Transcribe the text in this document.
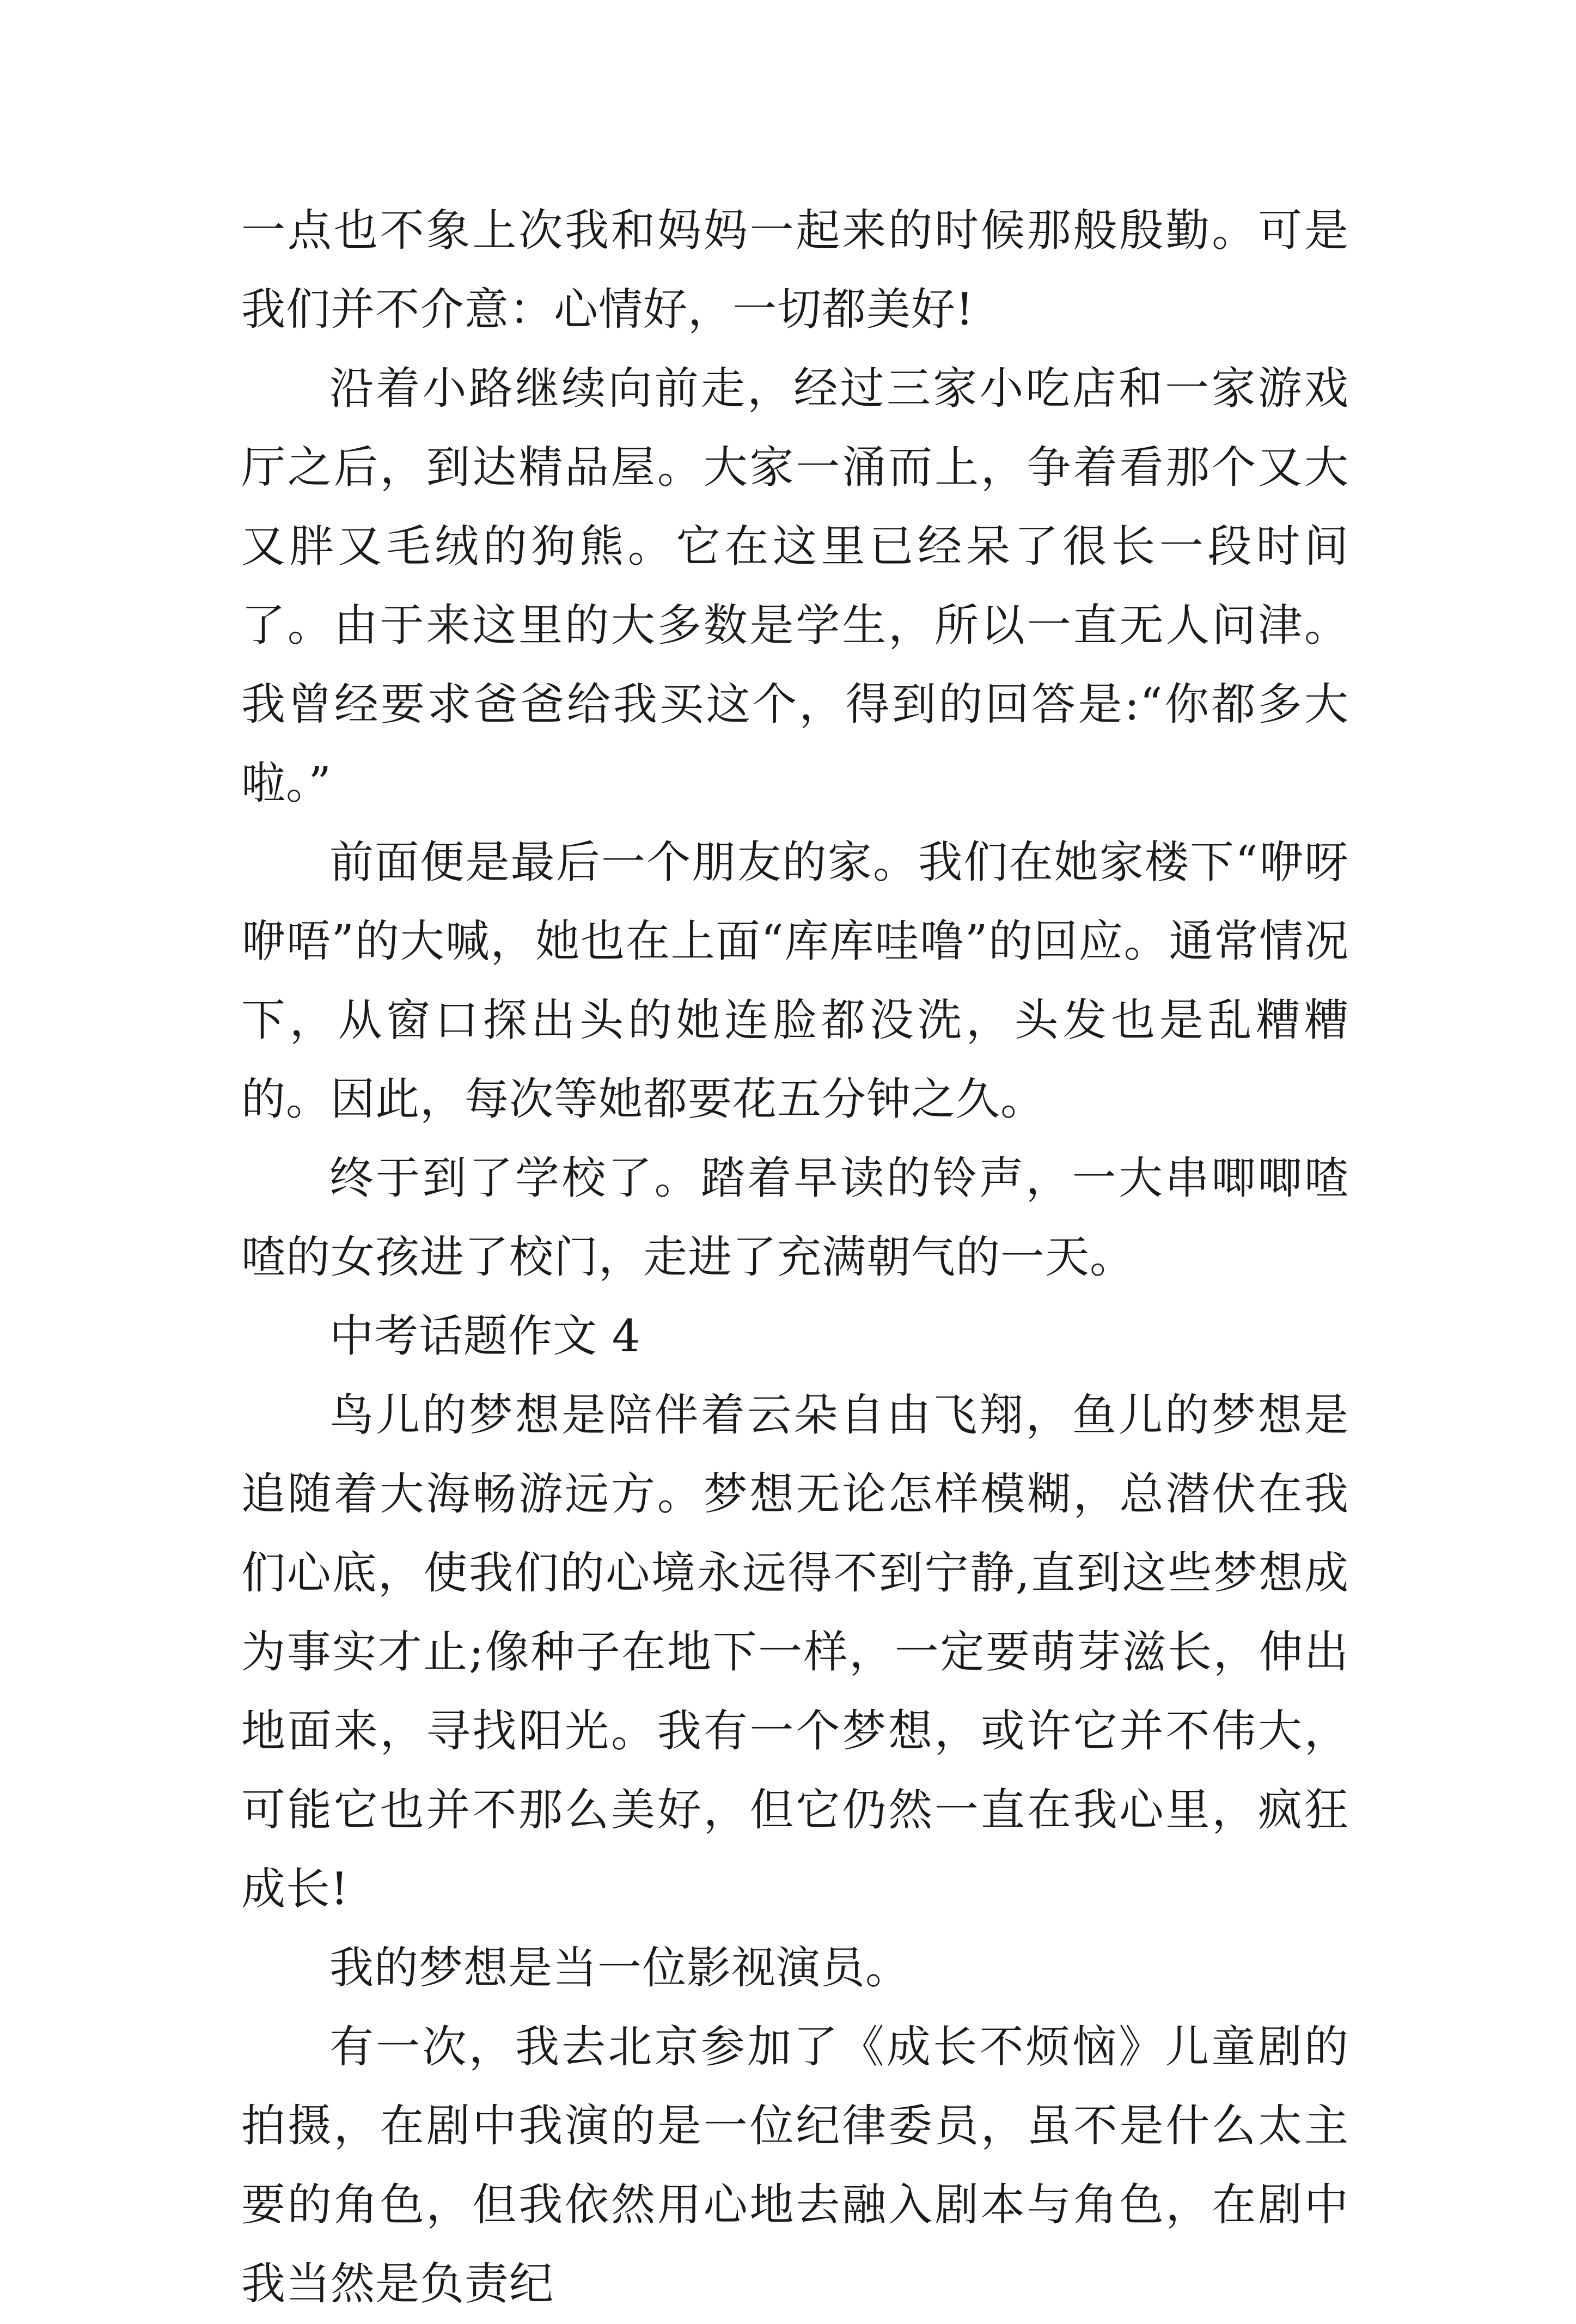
一点也不象上次我和妈妈一起来的时候那般殷勤。可是我们并不介意：心情好，一切都美好!

沿着小路继续向前走，经过三家小吃店和一家游戏厅之后，到达精品屋。大家一涌而上，争着看那个又大又胖又毛绒的狗熊。它在这里已经呆了很长一段时间了。由于来这里的大多数是学生，所以一直无人问津。我曾经要求爸爸给我买这个，得到的回答是:“你都多大啦。”

前面便是最后一个朋友的家。我们在她家楼下“咿呀咿唔”的大喊，她也在上面“库库哇噜”的回应。通常情况下，从窗口探出头的她连脸都没洗，头发也是乱糟糟的。因此，每次等她都要花五分钟之久。

终于到了学校了。踏着早读的铃声，一大串唧唧喳喳的女孩进了校门，走进了充满朝气的一天。

中考话题作文 4

鸟儿的梦想是陪伴着云朵自由飞翔，鱼儿的梦想是追随着大海畅游远方。梦想无论怎样模糊，总潜伏在我们心底，使我们的心境永远得不到宁静,直到这些梦想成为事实才止;像种子在地下一样，一定要萌芽滋长，伸出地面来，寻找阳光。我有一个梦想，或许它并不伟大，可能它也并不那么美好，但它仍然一直在我心里，疯狂成长!

我的梦想是当一位影视演员。

有一次，我去北京参加了《成长不烦恼》儿童剧的拍摄，在剧中我演的是一位纪律委员，虽不是什么太主要的角色，但我依然用心地去融入剧本与角色，在剧中我当然是负责纪
